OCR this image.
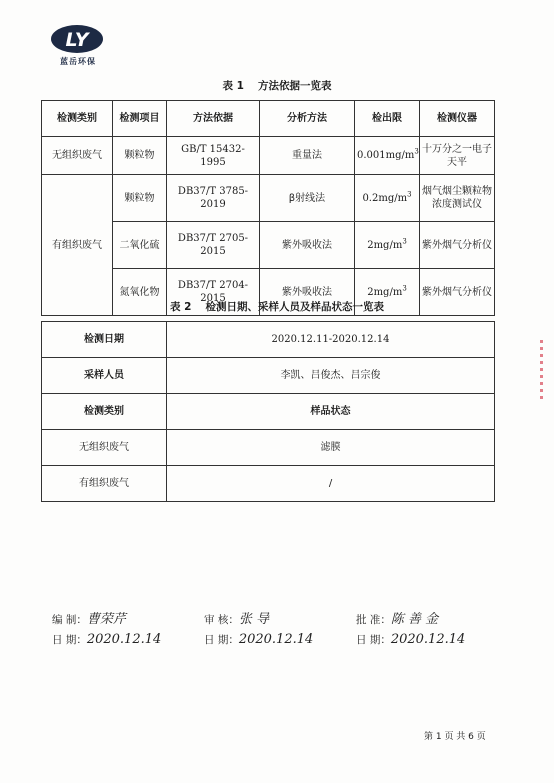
LY
蓝岳环保
表 1 方法依据一览表
检测类别	检测项目	方法依据	分析方法	检出限	检测仪器
无组织废气	颗粒物	GB/T 15432-1995	重量法	$0.001mg/m^3$	十万分之一电子天平
有组织废气	颗粒物	DB37/T 3785-2019	β射线法	$0.2mg/m^3$	烟气烟尘颗粒物浓度测试仪
	二氧化硫	DB37/T 2705-2015	紫外吸收法	$2mg/m^3$	紫外烟气分析仪
	氮氧化物	DB37/T 2704-2015	紫外吸收法	$2mg/m^3$	紫外烟气分析仪
表 2 检测日期、采样人员及样品状态一览表
检测日期	2020.12.11-2020.12.14
采样人员	李凯、吕俊杰、吕宗俊
检测类别	样品状态
无组织废气	滤膜
有组织废气	/
编 制：曹荣芹
日 期：2020.12.14
审 核：张 导
日 期：2020.12.14
批 准：陈 善 金
日 期：2020.12.14
第 1 页 共 6 页
